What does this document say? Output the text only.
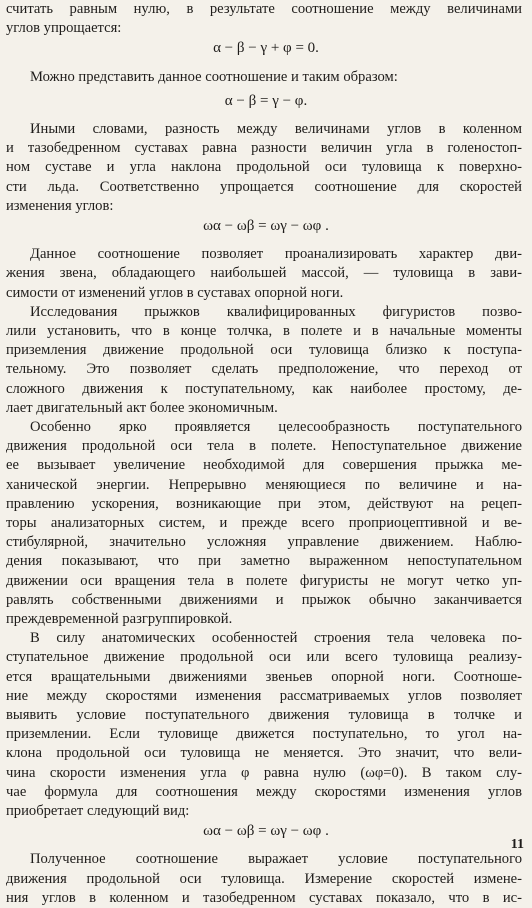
считать равным нулю, в результате соотношение между величинами
углов упрощается:
α − β − γ + φ = 0.
Можно представить данное соотношение и таким образом:
α − β = γ − φ.
Иными словами, разность между величинами углов в коленном
и тазобедренном суставах равна разности величин угла в голеностоп-
ном суставе и угла наклона продольной оси туловища к поверхно-
сти льда. Соответственно упрощается соотношение для скоростей
изменения углов:
ωα − ωβ = ωγ − ωφ .
Данное соотношение позволяет проанализировать характер дви-
жения звена, обладающего наибольшей массой, — туловища в зави-
симости от изменений углов в суставах опорной ноги.
Исследования прыжков квалифицированных фигуристов позво-
лили установить, что в конце толчка, в полете и в начальные моменты
приземления движение продольной оси туловища близко к поступа-
тельному. Это позволяет сделать предположение, что переход от
сложного движения к поступательному, как наиболее простому, де-
лает двигательный акт более экономичным.
Особенно ярко проявляется целесообразность поступательного
движения продольной оси тела в полете. Непоступательное движение
ее вызывает увеличение необходимой для совершения прыжка ме-
ханической энергии. Непрерывно меняющиеся по величине и на-
правлению ускорения, возникающие при этом, действуют на рецеп-
торы анализаторных систем, и прежде всего проприоцептивной и ве-
стибулярной, значительно усложняя управление движением. Наблю-
дения показывают, что при заметно выраженном непоступательном
движении оси вращения тела в полете фигуристы не могут четко уп-
равлять собственными движениями и прыжок обычно заканчивается
преждевременной разгруппировкой.
В силу анатомических особенностей строения тела человека по-
ступательное движение продольной оси или всего туловища реализу-
ется вращательными движениями звеньев опорной ноги. Соотноше-
ние между скоростями изменения рассматриваемых углов позволяет
выявить условие поступательного движения туловища в толчке и
приземлении. Если туловище движется поступательно, то угол на-
клона продольной оси туловища не меняется. Это значит, что вели-
чина скорости изменения угла φ равна нулю (ωφ=0). В таком слу-
чае формула для соотношения между скоростями изменения углов
приобретает следующий вид:
ωα − ωβ = ωγ − ωφ .
Полученное соотношение выражает условие поступательного
движения продольной оси туловища. Измерение скоростей измене-
ния углов в коленном и тазобедренном суставах показало, что в ис-
11
